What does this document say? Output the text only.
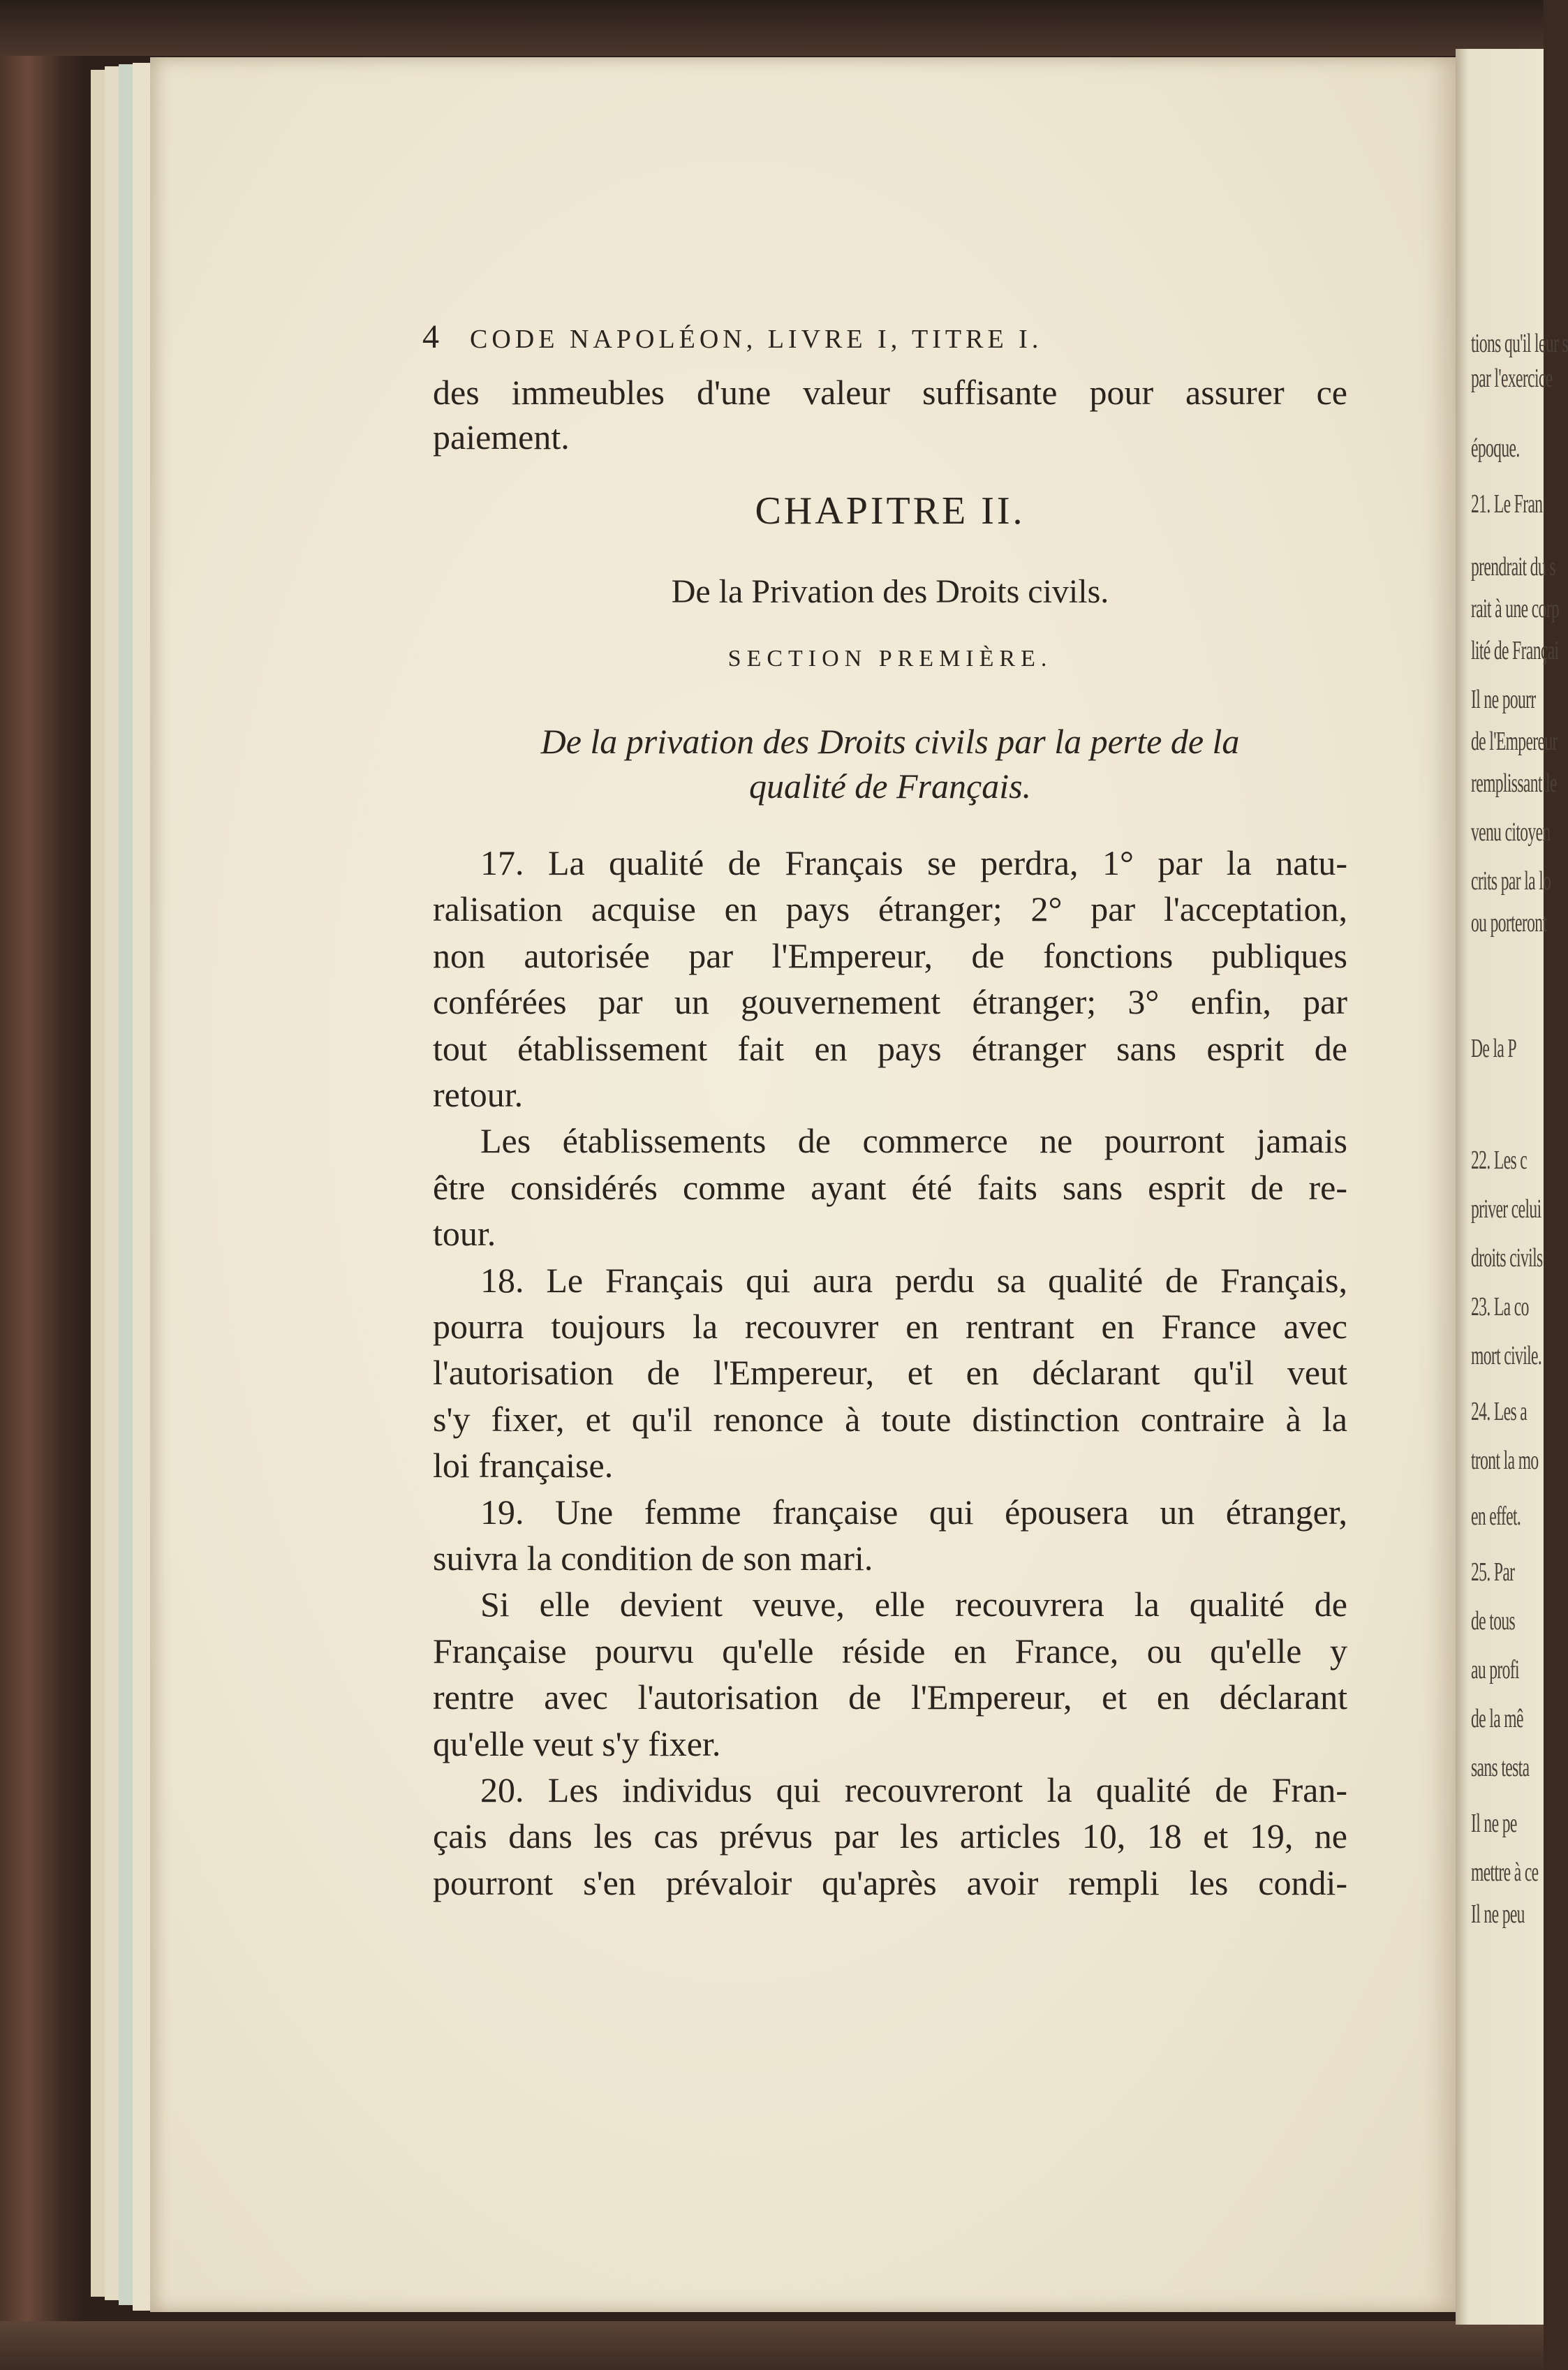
tions qu'il leur s
par l'exercice
époque.
21. Le Fran
prendrait du s
rait à une corp
lité de Françai
Il ne pourr
de l'Empereur
remplissant le
venu citoyen
crits par la lo
ou porteront
De la P
22. Les c
priver celui
droits civils
23. La co
mort civile.
24. Les a
tront la mo
en effet.
25. Par
de tous
au profi
de la mê
sans testa
Il ne pe
mettre à ce
Il ne peu
4 CODE NAPOLÉON, LIVRE I, TITRE I.
des immeubles d'une valeur suffisante pour assurer ce
paiement.
CHAPITRE II.
De la Privation des Droits civils.
SECTION PREMIÈRE.
De la privation des Droits civils par la perte de la
qualité de Français.
17. La qualité de Français se perdra, 1° par la natu-
ralisation acquise en pays étranger; 2° par l'acceptation,
non autorisée par l'Empereur, de fonctions publiques
conférées par un gouvernement étranger; 3° enfin, par
tout établissement fait en pays étranger sans esprit de
retour.
Les établissements de commerce ne pourront jamais
être considérés comme ayant été faits sans esprit de re-
tour.
18. Le Français qui aura perdu sa qualité de Français,
pourra toujours la recouvrer en rentrant en France avec
l'autorisation de l'Empereur, et en déclarant qu'il veut
s'y fixer, et qu'il renonce à toute distinction contraire à la
loi française.
19. Une femme française qui épousera un étranger,
suivra la condition de son mari.
Si elle devient veuve, elle recouvrera la qualité de
Française pourvu qu'elle réside en France, ou qu'elle y
rentre avec l'autorisation de l'Empereur, et en déclarant
qu'elle veut s'y fixer.
20. Les individus qui recouvreront la qualité de Fran-
çais dans les cas prévus par les articles 10, 18 et 19, ne
pourront s'en prévaloir qu'après avoir rempli les condi-
